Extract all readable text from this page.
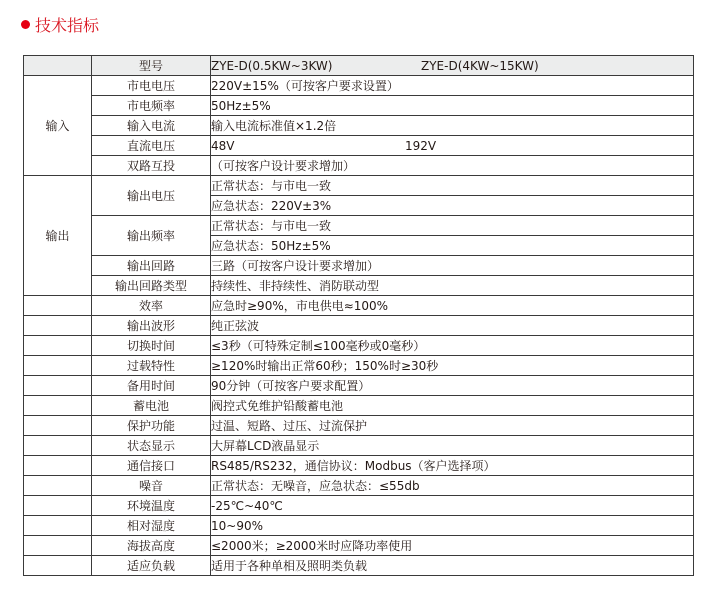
技术指标
	型号	ZYE-D(0.5KW~3KW) ZYE-D(4KW~15KW)

输入	市电电压	220V±15%（可按客户要求设置）
	市电频率	50Hz±5%
	输入电流	输入电流标准值×1.2倍
	直流电压	48V 192V

	双路互投	（可按客户设计要求增加）
输出	输出电压	正常状态：与市电一致
		应急状态：220V±3%
	输出频率	正常状态：与市电一致
		应急状态：50Hz±5%
	输出回路	三路（可按客户设计要求增加）
	输出回路类型	持续性、非持续性、消防联动型
	效率	应急时≥90%，市电供电≈100%
	输出波形	纯正弦波
	切换时间	≤3秒（可特殊定制≤100毫秒或0毫秒）
	过载特性	≥120%时输出正常60秒；150%时≥30秒
	备用时间	90分钟（可按客户要求配置）
	蓄电池	阀控式免维护铅酸蓄电池
	保护功能	过温、短路、过压、过流保护
	状态显示	大屏幕LCD液晶显示
	通信接口	RS485/RS232，通信协议：Modbus（客户选择项）
	噪音	正常状态：无噪音，应急状态：≤55db
	环境温度	-25℃~40℃
	相对湿度	10~90%
	海拔高度	≤2000米；≥2000米时应降功率使用
	适应负载	适用于各种单相及照明类负载
